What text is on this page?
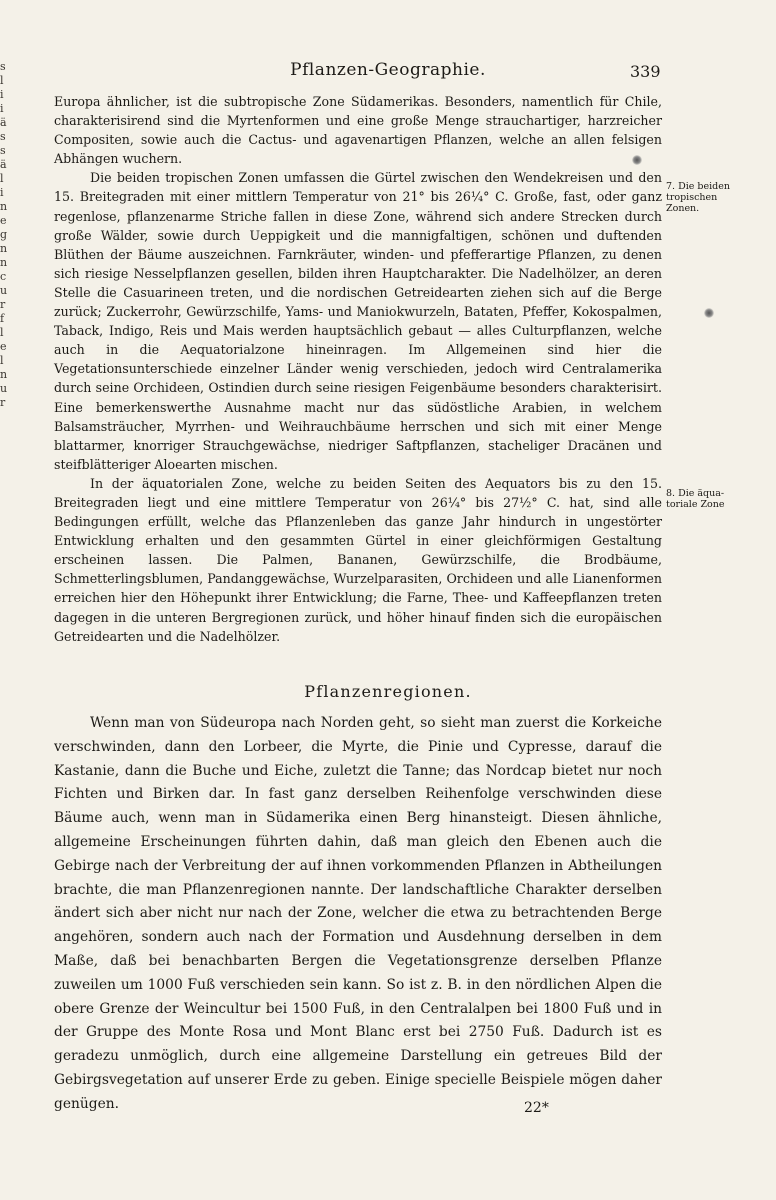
s
l
i
i
ä
s
s
ä
l
i
n
e
g
n
n
c
u
r
f
l
e
l
n
u
r
Pflanzen-Geographie.	339

Europa ähnlicher, ist die subtropische Zone Südamerikas. Besonders, namentlich für Chile, charakterisirend sind die Myrtenformen und eine große Menge strauchartiger, harzreicher Compositen, sowie auch die Cactus- und agavenartigen Pflanzen, welche an allen felsigen Abhängen wuchern.

Die beiden tropischen Zonen umfassen die Gürtel zwischen den Wendekreisen und den 15. Breitegraden mit einer mittlern Temperatur von 21° bis 26¼° C. Große, fast, oder ganz regenlose, pflanzenarme Striche fallen in diese Zone, während sich andere Strecken durch große Wälder, sowie durch Ueppigkeit und die mannigfaltigen, schönen und duftenden Blüthen der Bäume auszeichnen. Farnkräuter, winden- und pfefferartige Pflanzen, zu denen sich riesige Nesselpflanzen gesellen, bilden ihren Hauptcharakter. Die Nadelhölzer, an deren Stelle die Casuarineen treten, und die nordischen Getreidearten ziehen sich auf die Berge zurück; Zuckerrohr, Gewürzschilfe, Yams- und Maniokwurzeln, Bataten, Pfeffer, Kokospalmen, Taback, Indigo, Reis und Mais werden hauptsächlich gebaut — alles Culturpflanzen, welche auch in die Aequatorialzone hineinragen. Im Allgemeinen sind hier die Vegetationsunterschiede einzelner Länder wenig verschieden, jedoch wird Centralamerika durch seine Orchideen, Ostindien durch seine riesigen Feigenbäume besonders charakterisirt. Eine bemerkenswerthe Ausnahme macht nur das südöstliche Arabien, in welchem Balsamsträucher, Myrrhen- und Weihrauchbäume herrschen und sich mit einer Menge blattarmer, knorriger Strauchgewächse, niedriger Saftpflanzen, stacheliger Dracänen und steifblätteriger Aloearten mischen.

In der äquatorialen Zone, welche zu beiden Seiten des Aequators bis zu den 15. Breitegraden liegt und eine mittlere Temperatur von 26¼° bis 27½° C. hat, sind alle Bedingungen erfüllt, welche das Pflanzenleben das ganze Jahr hindurch in ungestörter Entwicklung erhalten und den gesammten Gürtel in einer gleichförmigen Gestaltung erscheinen lassen. Die Palmen, Bananen, Gewürzschilfe, die Brodbäume, Schmetterlingsblumen, Pandanggewächse, Wurzelparasiten, Orchideen und alle Lianenformen erreichen hier den Höhepunkt ihrer Entwicklung; die Farne, Thee- und Kaffeepflanzen treten dagegen in die unteren Bergregionen zurück, und höher hinauf finden sich die europäischen Getreidearten und die Nadelhölzer.

7. Die beiden
tropischen
Zonen.
8. Die äqua-
toriale Zone
Pflanzenregionen.

Wenn man von Südeuropa nach Norden geht, so sieht man zuerst die Korkeiche verschwinden, dann den Lorbeer, die Myrte, die Pinie und Cypresse, darauf die Kastanie, dann die Buche und Eiche, zuletzt die Tanne; das Nordcap bietet nur noch Fichten und Birken dar. In fast ganz derselben Reihenfolge verschwinden diese Bäume auch, wenn man in Südamerika einen Berg hinansteigt. Diesen ähnliche, allgemeine Erscheinungen führten dahin, daß man gleich den Ebenen auch die Gebirge nach der Verbreitung der auf ihnen vorkommenden Pflanzen in Abtheilungen brachte, die man Pflanzenregionen nannte. Der landschaftliche Charakter derselben ändert sich aber nicht nur nach der Zone, welcher die etwa zu betrachtenden Berge angehören, sondern auch nach der Formation und Ausdehnung derselben in dem Maße, daß bei benachbarten Bergen die Vegetationsgrenze derselben Pflanze zuweilen um 1000 Fuß verschieden sein kann. So ist z. B. in den nördlichen Alpen die obere Grenze der Weincultur bei 1500 Fuß, in den Centralalpen bei 1800 Fuß und in der Gruppe des Monte Rosa und Mont Blanc erst bei 2750 Fuß. Dadurch ist es geradezu unmöglich, durch eine allgemeine Darstellung ein getreues Bild der Gebirgsvegetation auf unserer Erde zu geben. Einige specielle Beispiele mögen daher genügen.	22*
